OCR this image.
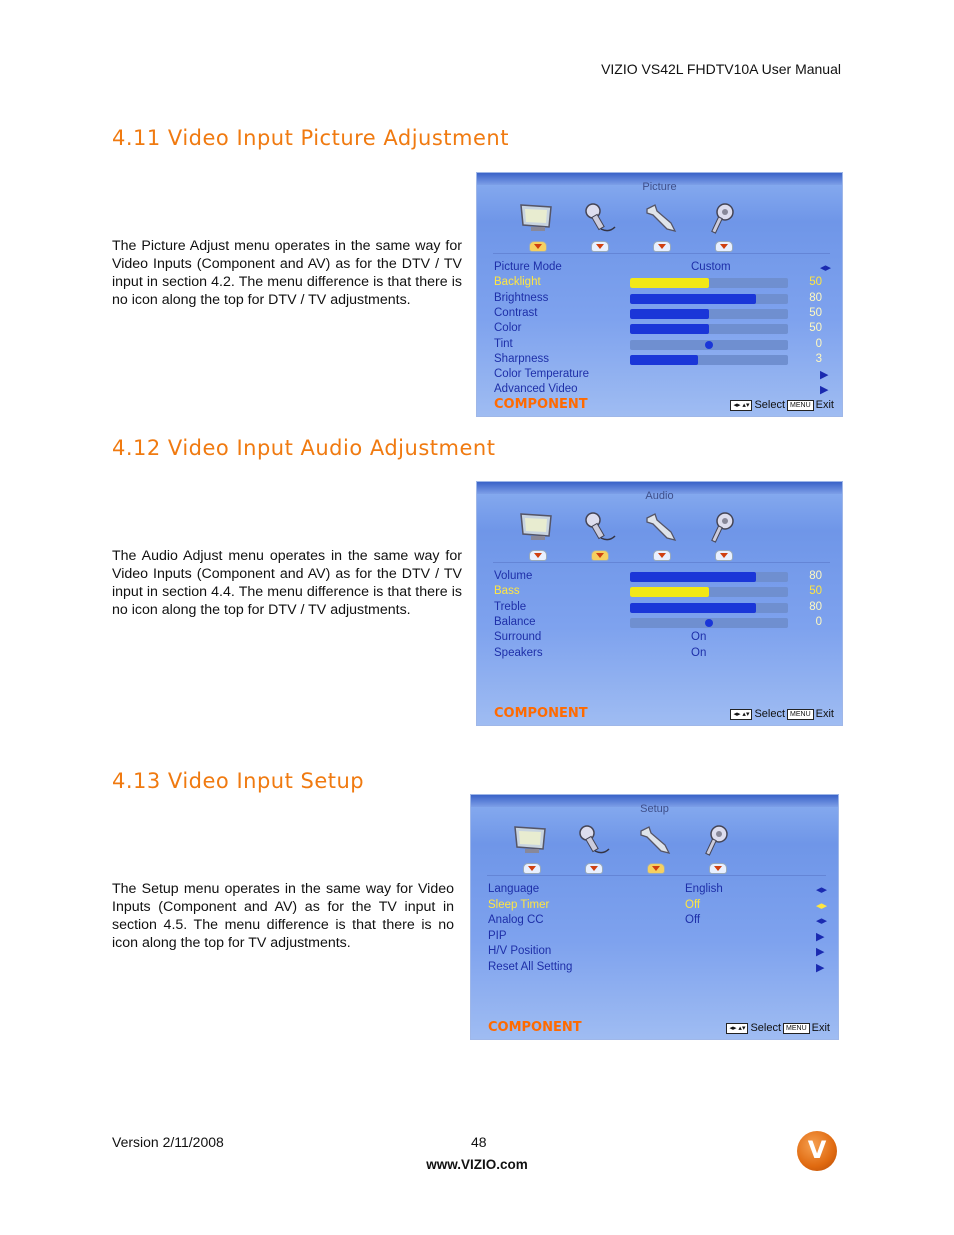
VIZIO VS42L FHDTV10A User Manual
4.11 Video Input Picture Adjustment
The Picture Adjust menu operates in the same way for Video Inputs (Component and AV) as for the DTV / TV input in section 4.2. The menu difference is that there is no icon along the top for DTV / TV adjustments.
Picture
Picture Mode	Custom	◂▸
Backlight	50
Brightness	80
Contrast	50
Color	50
Tint	0
Sharpness	3
Color Temperature	▶
Advanced Video	▶
COMPONENT	◂▸ ▴▾ Select MENU Exit
4.12 Video Input Audio Adjustment
The Audio Adjust menu operates in the same way for Video Inputs (Component and AV) as for the DTV / TV input in section 4.4. The menu difference is that there is no icon along the top for DTV / TV adjustments.
Audio
Volume	80
Bass	50
Treble	80
Balance	0
Surround	On
Speakers	On
COMPONENT	◂▸ ▴▾ Select MENU Exit
4.13 Video Input Setup
The Setup menu operates in the same way for Video Inputs (Component and AV) as for the TV input in section 4.5. The menu difference is that there is no icon along the top for TV adjustments.
Setup
Language	English	◂▸
Sleep Timer	Off	◂▸
Analog CC	Off	◂▸
PIP	▶
H/V Position	▶
Reset All Setting	▶
COMPONENT	◂▸ ▴▾ Select MENU Exit
Version 2/11/2008	48
www.VIZIO.com
V
